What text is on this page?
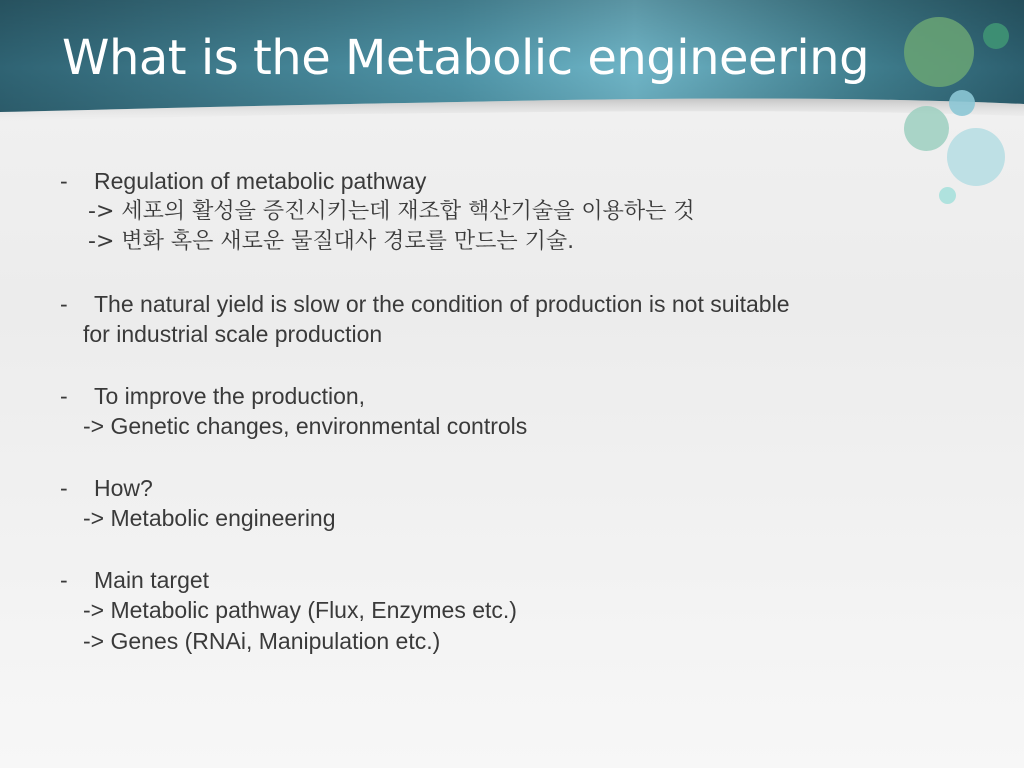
What is the Metabolic engineering
- Regulation of metabolic pathway
-> 세포의 활성을 증진시키는데 재조합 핵산기술을 이용하는 것
-> 변화 혹은 새로운 물질대사 경로를 만드는 기술.
- The natural yield is slow or the condition of production is not suitable
for industrial scale production
- To improve the production,
-> Genetic changes, environmental controls
- How?
-> Metabolic engineering
- Main target
-> Metabolic pathway (Flux, Enzymes etc.)
-> Genes (RNAi, Manipulation etc.)
